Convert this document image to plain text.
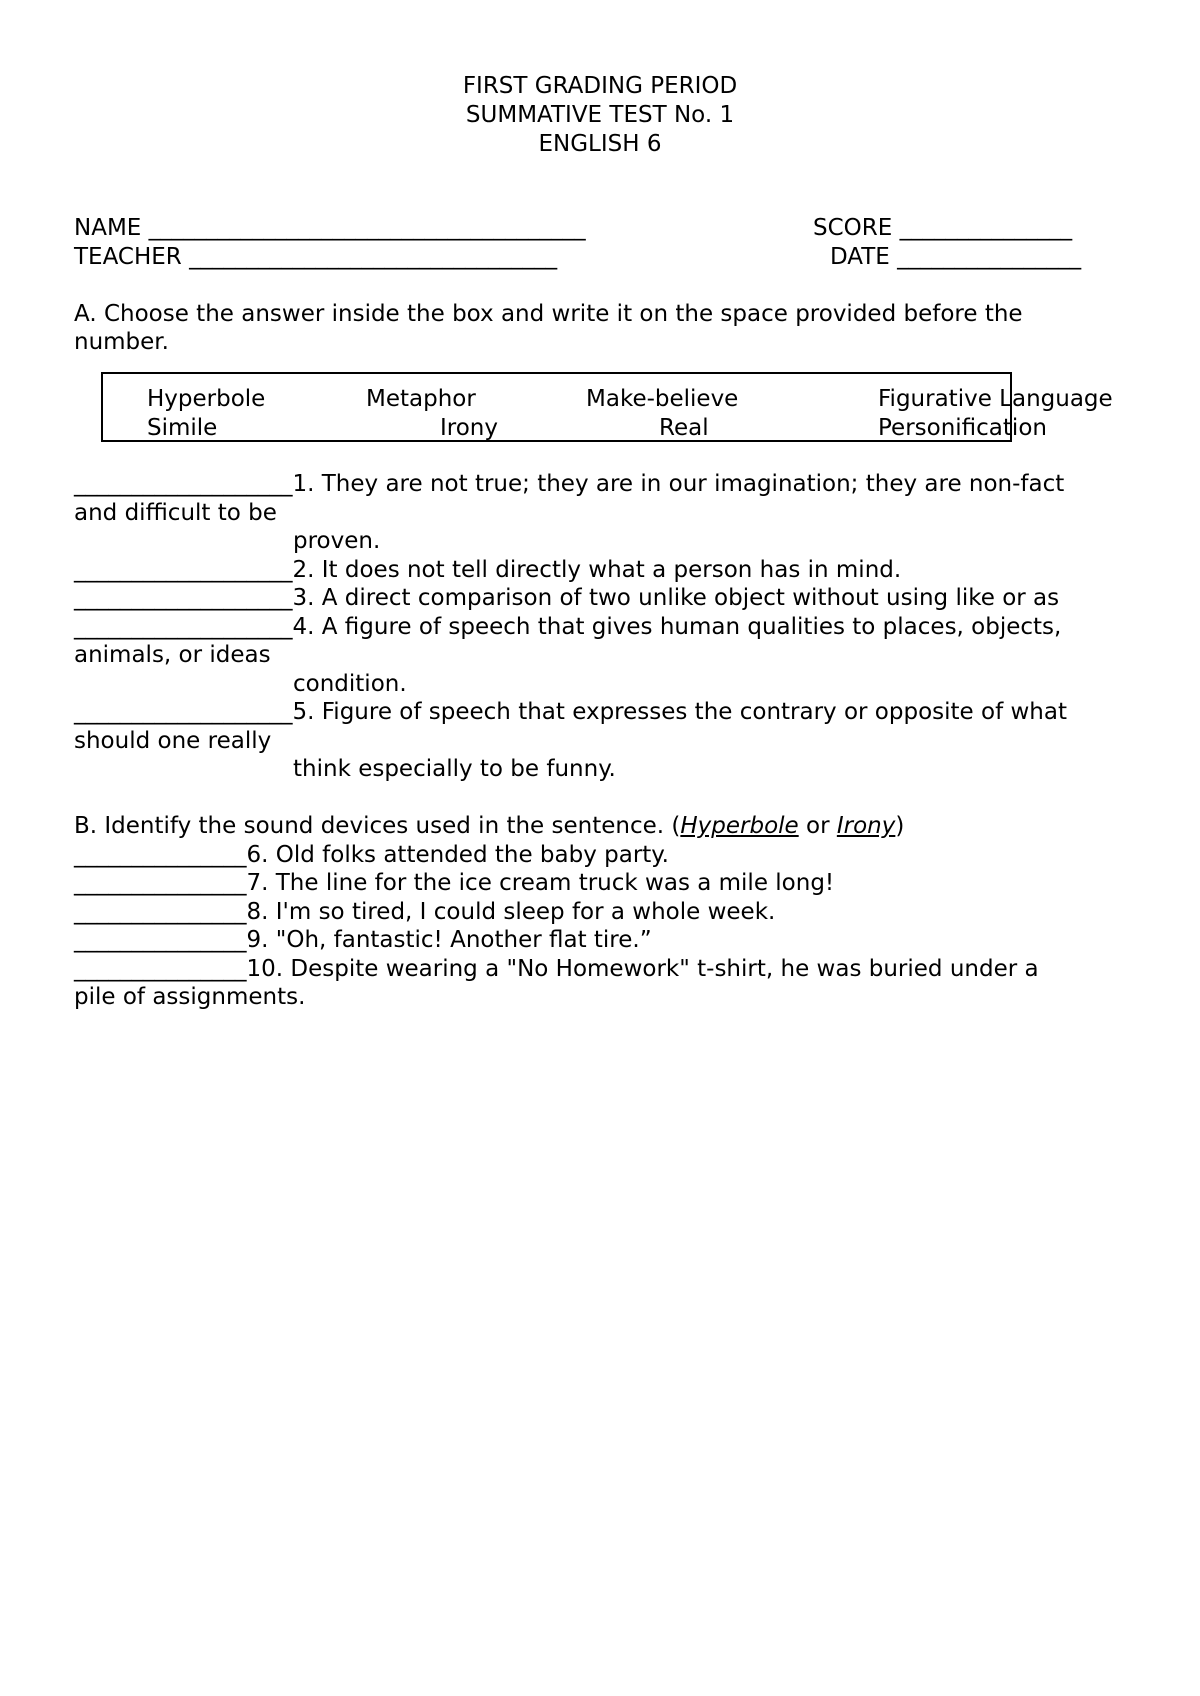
FIRST GRADING PERIOD
SUMMATIVE TEST No. 1
ENGLISH 6
NAME ______________________________________	SCORE _______________
TEACHER ________________________________	DATE ________________
A. Choose the answer inside the box and write it on the space provided before the
number.
Hyperbole	Metaphor	Make-believe	Figurative Language
Simile	Irony	Real	Personification
___________________1. They are not true; they are in our imagination; they are non-fact
and difficult to be
proven.
___________________2. It does not tell directly what a person has in mind.
___________________3. A direct comparison of two unlike object without using like or as
___________________4. A figure of speech that gives human qualities to places, objects,
animals, or ideas
condition.
___________________5. Figure of speech that expresses the contrary or opposite of what
should one really
think especially to be funny.
B. Identify the sound devices used in the sentence. (Hyperbole or Irony)
_______________6. Old folks attended the baby party.
_______________7. The line for the ice cream truck was a mile long!
_______________8. I'm so tired, I could sleep for a whole week.
_______________9. "Oh, fantastic! Another flat tire.”
_______________10. Despite wearing a "No Homework" t-shirt, he was buried under a
pile of assignments.
